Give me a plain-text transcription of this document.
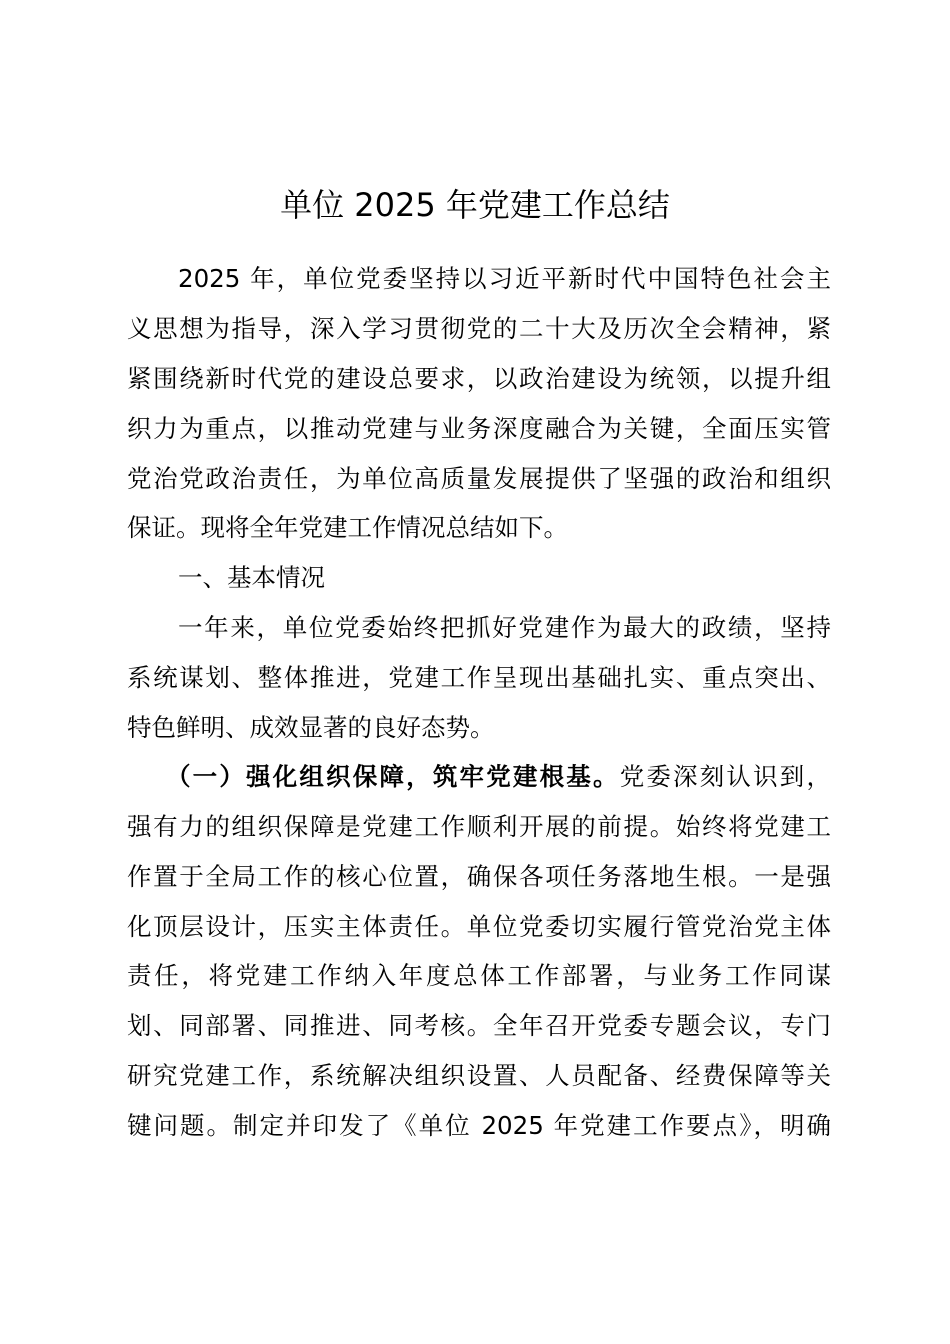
单位 2025 年党建工作总结
2025 年，单位党委坚持以习近平新时代中国特色社会主
义思想为指导，深入学习贯彻党的二十大及历次全会精神，紧
紧围绕新时代党的建设总要求，以政治建设为统领，以提升组
织力为重点，以推动党建与业务深度融合为关键，全面压实管
党治党政治责任，为单位高质量发展提供了坚强的政治和组织
保证。现将全年党建工作情况总结如下。
一、基本情况
一年来，单位党委始终把抓好党建作为最大的政绩，坚持
系统谋划、整体推进，党建工作呈现出基础扎实、重点突出、
特色鲜明、成效显著的良好态势。
（一）强化组织保障，筑牢党建根基。党委深刻认识到，
强有力的组织保障是党建工作顺利开展的前提。始终将党建工
作置于全局工作的核心位置，确保各项任务落地生根。一是强
化顶层设计，压实主体责任。单位党委切实履行管党治党主体
责任，将党建工作纳入年度总体工作部署，与业务工作同谋
划、同部署、同推进、同考核。全年召开党委专题会议，专门
研究党建工作，系统解决组织设置、人员配备、经费保障等关
键问题。制定并印发了《单位 2025 年党建工作要点》，明确
